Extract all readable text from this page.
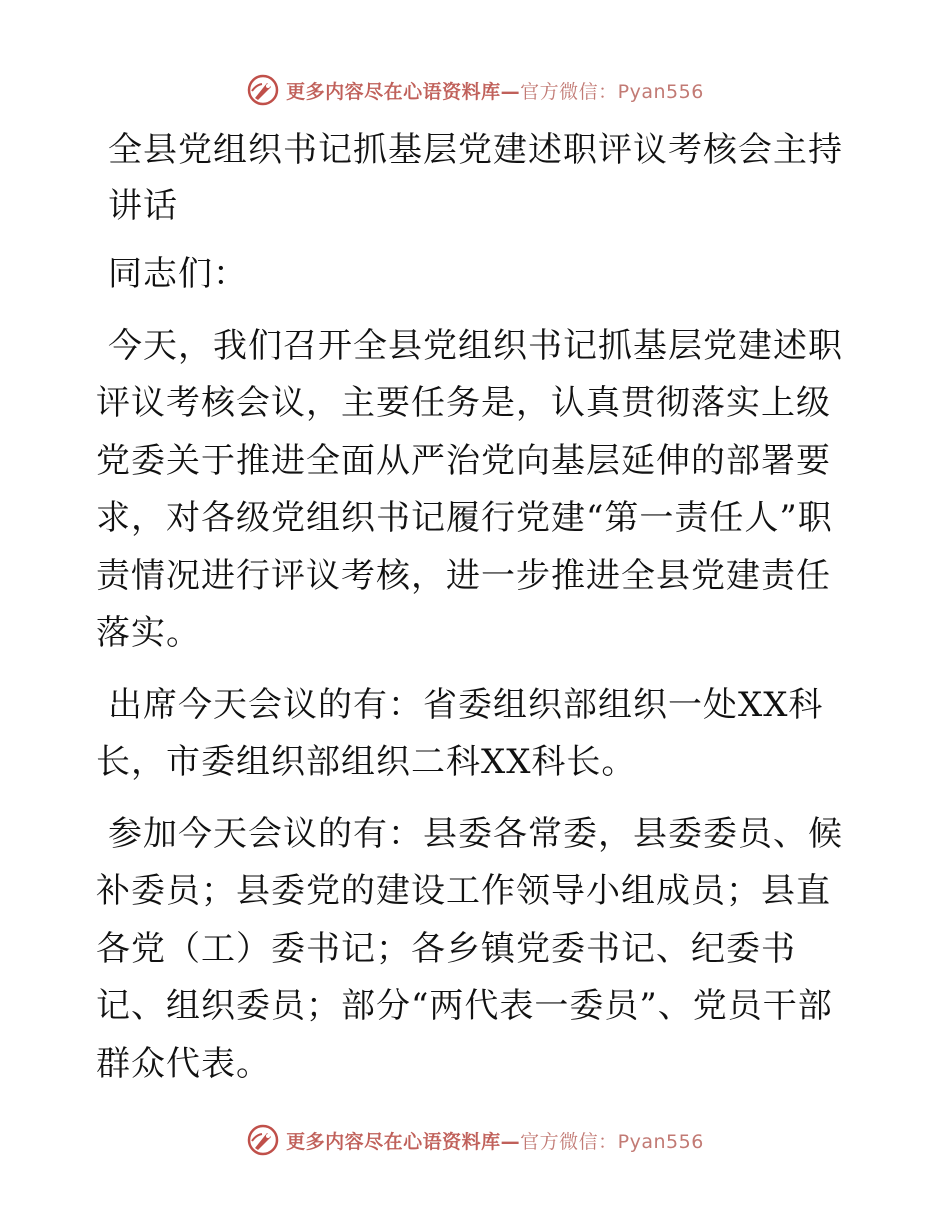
更多内容尽在心语资料库—官方微信：Pyan556
全县党组织书记抓基层党建述职评议考核会主持讲话

同志们：

今天，我们召开全县党组织书记抓基层党建述职评议考核会议，主要任务是，认真贯彻落实上级党委关于推进全面从严治党向基层延伸的部署要求，对各级党组织书记履行党建“第一责任人”职责情况进行评议考核，进一步推进全县党建责任落实。

出席今天会议的有：省委组织部组织一处XX科长，市委组织部组织二科XX科长。

参加今天会议的有：县委各常委，县委委员、候补委员；县委党的建设工作领导小组成员；县直各党（工）委书记；各乡镇党委书记、纪委书记、组织委员；部分“两代表一委员”、党员干部群众代表。

更多内容尽在心语资料库—官方微信：Pyan556
